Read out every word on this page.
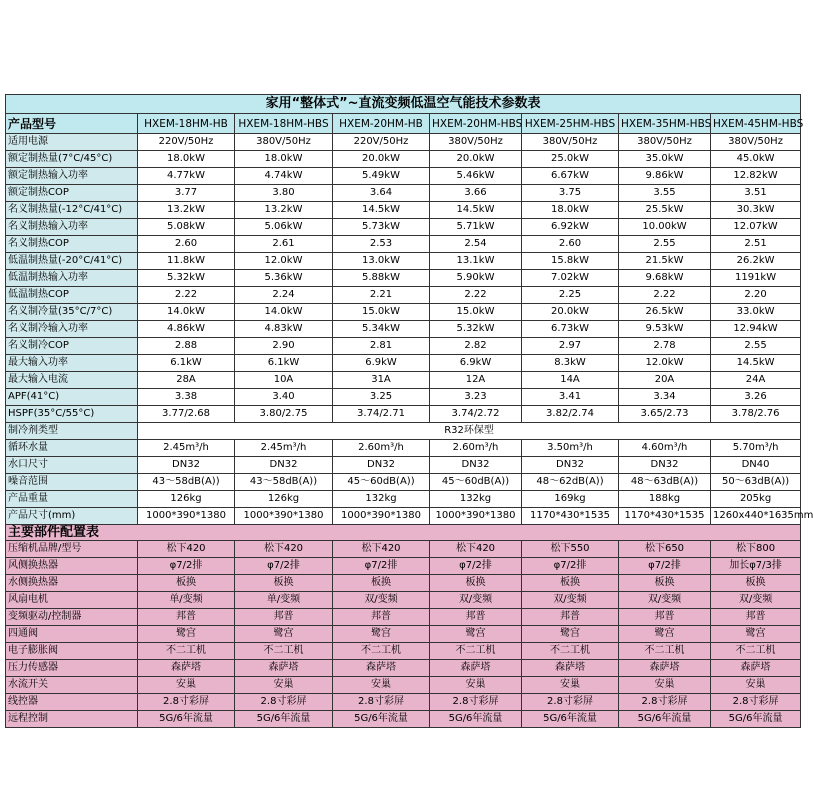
家用“整体式”~直流变频低温空气能技术参数表							
产品型号	HXEM-18HM-HB	HXEM-18HM-HBS	HXEM-20HM-HB	HXEM-20HM-HBS	HXEM-25HM-HBS	HXEM-35HM-HBS	HXEM-45HM-HBS
适用电源	220V/50Hz	380V/50Hz	220V/50Hz	380V/50Hz	380V/50Hz	380V/50Hz	380V/50Hz
额定制热量(7°C/45°C)	18.0kW	18.0kW	20.0kW	20.0kW	25.0kW	35.0kW	45.0kW
额定制热输入功率	4.77kW	4.74kW	5.49kW	5.46kW	6.67kW	9.86kW	12.82kW
额定制热COP	3.77	3.80	3.64	3.66	3.75	3.55	3.51
名义制热量(-12°C/41°C)	13.2kW	13.2kW	14.5kW	14.5kW	18.0kW	25.5kW	30.3kW
名义制热输入功率	5.08kW	5.06kW	5.73kW	5.71kW	6.92kW	10.00kW	12.07kW
名义制热COP	2.60	2.61	2.53	2.54	2.60	2.55	2.51
低温制热量(-20°C/41°C)	11.8kW	12.0kW	13.0kW	13.1kW	15.8kW	21.5kW	26.2kW
低温制热输入功率	5.32kW	5.36kW	5.88kW	5.90kW	7.02kW	9.68kW	1191kW
低温制热COP	2.22	2.24	2.21	2.22	2.25	2.22	2.20
名义制冷量(35°C/7°C)	14.0kW	14.0kW	15.0kW	15.0kW	20.0kW	26.5kW	33.0kW
名义制冷输入功率	4.86kW	4.83kW	5.34kW	5.32kW	6.73kW	9.53kW	12.94kW
名义制冷COP	2.88	2.90	2.81	2.82	2.97	2.78	2.55
最大输入功率	6.1kW	6.1kW	6.9kW	6.9kW	8.3kW	12.0kW	14.5kW
最大输入电流	28A	10A	31A	12A	14A	20A	24A
APF(41°C)	3.38	3.40	3.25	3.23	3.41	3.34	3.26
HSPF(35°C/55°C)	3.77/2.68	3.80/2.75	3.74/2.71	3.74/2.72	3.82/2.74	3.65/2.73	3.78/2.76
制冷剂类型	R32环保型						
循环水量	2.45m³/h	2.45m³/h	2.60m³/h	2.60m³/h	3.50m³/h	4.60m³/h	5.70m³/h
水口尺寸	DN32	DN32	DN32	DN32	DN32	DN32	DN40
噪音范围	43～58dB(A))	43～58dB(A))	45～60dB(A))	45～60dB(A))	48～62dB(A))	48～63dB(A))	50～63dB(A))
产品重量	126kg	126kg	132kg	132kg	169kg	188kg	205kg
产品尺寸(mm)	1000*390*1380	1000*390*1380	1000*390*1380	1000*390*1380	1170*430*1535	1170*430*1535	1260x440*1635mm
主要部件配置表							
压缩机品牌/型号	松下420	松下420	松下420	松下420	松下550	松下650	松下800
风侧换热器	φ7/2排	φ7/2排	φ7/2排	φ7/2排	φ7/2排	φ7/2排	加长φ7/3排
水侧换热器	板换	板换	板换	板换	板换	板换	板换
风扇电机	单/变频	单/变频	双/变频	双/变频	双/变频	双/变频	双/变频
变频驱动/控制器	邦普	邦普	邦普	邦普	邦普	邦普	邦普
四通阀	鹭宫	鹭宫	鹭宫	鹭宫	鹭宫	鹭宫	鹭宫
电子膨胀阀	不二工机	不二工机	不二工机	不二工机	不二工机	不二工机	不二工机
压力传感器	森萨塔	森萨塔	森萨塔	森萨塔	森萨塔	森萨塔	森萨塔
水流开关	安巢	安巢	安巢	安巢	安巢	安巢	安巢
线控器	2.8寸彩屏	2.8寸彩屏	2.8寸彩屏	2.8寸彩屏	2.8寸彩屏	2.8寸彩屏	2.8寸彩屏
远程控制	5G/6年流量	5G/6年流量	5G/6年流量	5G/6年流量	5G/6年流量	5G/6年流量	5G/6年流量
